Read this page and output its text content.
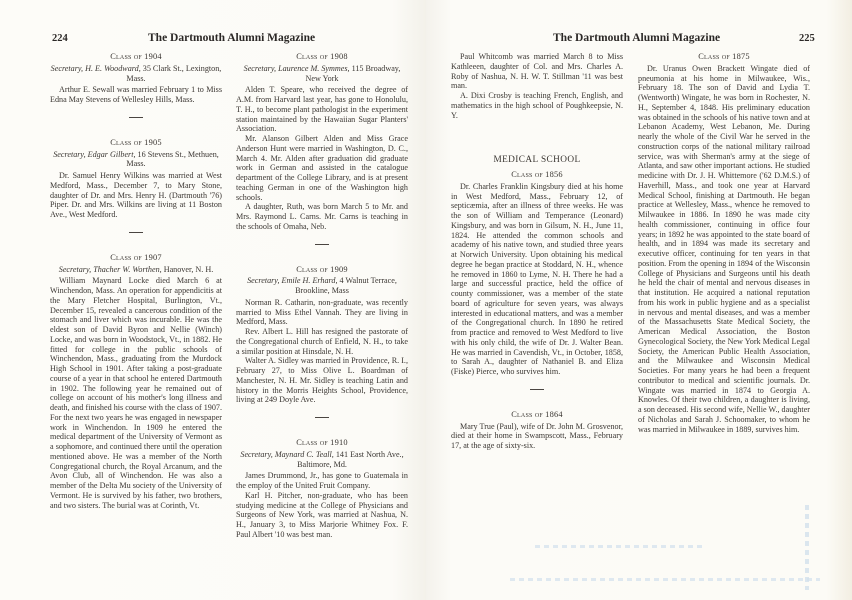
224	The Dartmouth Alumni Magazine
Class of 1904
Secretary, H. E. Woodward, 35 Clark St., Lexington, Mass.

Arthur E. Sewall was married February 1 to Miss Edna May Stevens of Wellesley Hills, Mass.

Class of 1905
Secretary, Edgar Gilbert, 16 Stevens St., Methuen, Mass.

Dr. Samuel Henry Wilkins was married at West Medford, Mass., December 7, to Mary Stone, daughter of Dr. and Mrs. Henry H. (Dartmouth '76) Piper. Dr. and Mrs. Wilkins are living at 11 Boston Ave., West Medford.

Class of 1907
Secretary, Thacher W. Worthen, Hanover, N. H.

William Maynard Locke died March 6 at Winchendon, Mass. An operation for appendicitis at the Mary Fletcher Hospital, Burlington, Vt., December 15, revealed a cancerous condition of the stomach and liver which was incurable. He was the eldest son of David Byron and Nellie (Winch) Locke, and was born in Woodstock, Vt., in 1882. He fitted for college in the public schools of Winchendon, Mass., graduating from the Murdock High School in 1901. After taking a post-graduate course of a year in that school he entered Dartmouth in 1902. The following year he remained out of college on account of his mother's long illness and death, and finished his course with the class of 1907. For the next two years he was engaged in newspaper work in Winchendon. In 1909 he entered the medical department of the University of Vermont as a sophomore, and continued there until the operation mentioned above. He was a member of the North Congregational church, the Royal Arcanum, and the Avon Club, all of Winchendon. He was also a member of the Delta Mu society of the University of Vermont. He is survived by his father, two brothers, and two sisters. The burial was at Corinth, Vt.

Class of 1908
Secretary, Laurence M. Symmes, 115 Broadway, New York

Alden T. Speare, who received the degree of A.M. from Harvard last year, has gone to Honolulu, T. H., to become plant pathologist in the experiment station maintained by the Hawaiian Sugar Planters' Association.

Mr. Alanson Gilbert Alden and Miss Grace Anderson Hunt were married in Washington, D. C., March 4. Mr. Alden after graduation did graduate work in German and assisted in the catalogue department of the College Library, and is at present teaching German in one of the Washington high schools.

A daughter, Ruth, was born March 5 to Mr. and Mrs. Raymond L. Carns. Mr. Carns is teaching in the schools of Omaha, Neb.

Class of 1909
Secretary, Emile H. Erhard, 4 Walnut Terrace, Brookline, Mass

Norman R. Catharin, non-graduate, was recently married to Miss Ethel Vannah. They are living in Medford, Mass.

Rev. Albert L. Hill has resigned the pastorate of the Congregational church of Enfield, N. H., to take a similar position at Hinsdale, N. H.

Walter A. Sidley was married in Providence, R. I., February 27, to Miss Olive L. Boardman of Manchester, N. H. Mr. Sidley is teaching Latin and history in the Morris Heights School, Providence, living at 249 Doyle Ave.

Class of 1910
Secretary, Maynard C. Teall, 141 East North Ave., Baltimore, Md.

James Drummond, Jr., has gone to Guatemala in the employ of the United Fruit Company.

Karl H. Pitcher, non-graduate, who has been studying medicine at the College of Physicians and Surgeons of New York, was married at Nashua, N. H., January 3, to Miss Marjorie Whitney Fox. F. Paul Albert '10 was best man.

The Dartmouth Alumni Magazine	225

Paul Whitcomb was married March 8 to Miss Kathleeen, daughter of Col. and Mrs. Charles A. Roby of Nashua, N. H. W. T. Stillman '11 was best man.

A. Dixi Crosby is teaching French, English, and mathematics in the high school of Poughkeepsie, N. Y.

MEDICAL SCHOOL
Class of 1856

Dr. Charles Franklin Kingsbury died at his home in West Medford, Mass., February 12, of septicæmia, after an illness of three weeks. He was the son of William and Temperance (Leonard) Kingsbury, and was born in Gilsum, N. H., June 11, 1824. He attended the common schools and academy of his native town, and studied three years at Norwich University. Upon obtaining his medical degree he began practice at Stoddard, N. H., whence he removed in 1860 to Lyme, N. H. There he had a large and successful practice, held the office of county commissioner, was a member of the state board of agriculture for seven years, was always interested in educational matters, and was a member of the Congregational church. In 1890 he retired from practice and removed to West Medford to live with his only child, the wife of Dr. J. Walter Bean. He was married in Cavendish, Vt., in October, 1858, to Sarah A., daughter of Nathaniel B. and Eliza (Fiske) Pierce, who survives him.

Class of 1864

Mary True (Paul), wife of Dr. John M. Grosvenor, died at their home in Swampscott, Mass., February 17, at the age of sixty-six.

Class of 1875

Dr. Uranus Owen Brackett Wingate died of pneumonia at his home in Milwaukee, Wis., February 18. The son of David and Lydia T. (Wentworth) Wingate, he was born in Rochester, N. H., September 4, 1848. His preliminary education was obtained in the schools of his native town and at Lebanon Academy, West Lebanon, Me. During nearly the whole of the Civil War he served in the construction corps of the national military railroad service, was with Sherman's army at the siege of Atlanta, and saw other important actions. He studied medicine with Dr. J. H. Whittemore ('62 D.M.S.) of Haverhill, Mass., and took one year at Harvard Medical School, finishing at Dartmouth. He began practice at Wellesley, Mass., whence he removed to Milwaukee in 1886. In 1890 he was made city health commissioner, continuing in office four years; in 1892 he was appointed to the state board of health, and in 1894 was made its secretary and executive officer, continuing for ten years in that position. From the opening in 1894 of the Wisconsin College of Physicians and Surgeons until his death he held the chair of mental and nervous diseases in that institution. He acquired a national reputation from his work in public hygiene and as a specialist in nervous and mental diseases, and was a member of the Massachusetts State Medical Society, the American Medical Association, the Boston Gynecological Society, the New York Medical Legal Society, the American Public Health Association, and the Milwaukee and Wisconsin Medical Societies. For many years he had been a frequent contributor to medical and scientific journals. Dr. Wingate was married in 1874 to Georgia A. Knowles. Of their two children, a daughter is living, a son deceased. His second wife, Nellie W., daughter of Nicholas and Sarah J. Schoomaker, to whom he was married in Milwaukee in 1889, survives him.
